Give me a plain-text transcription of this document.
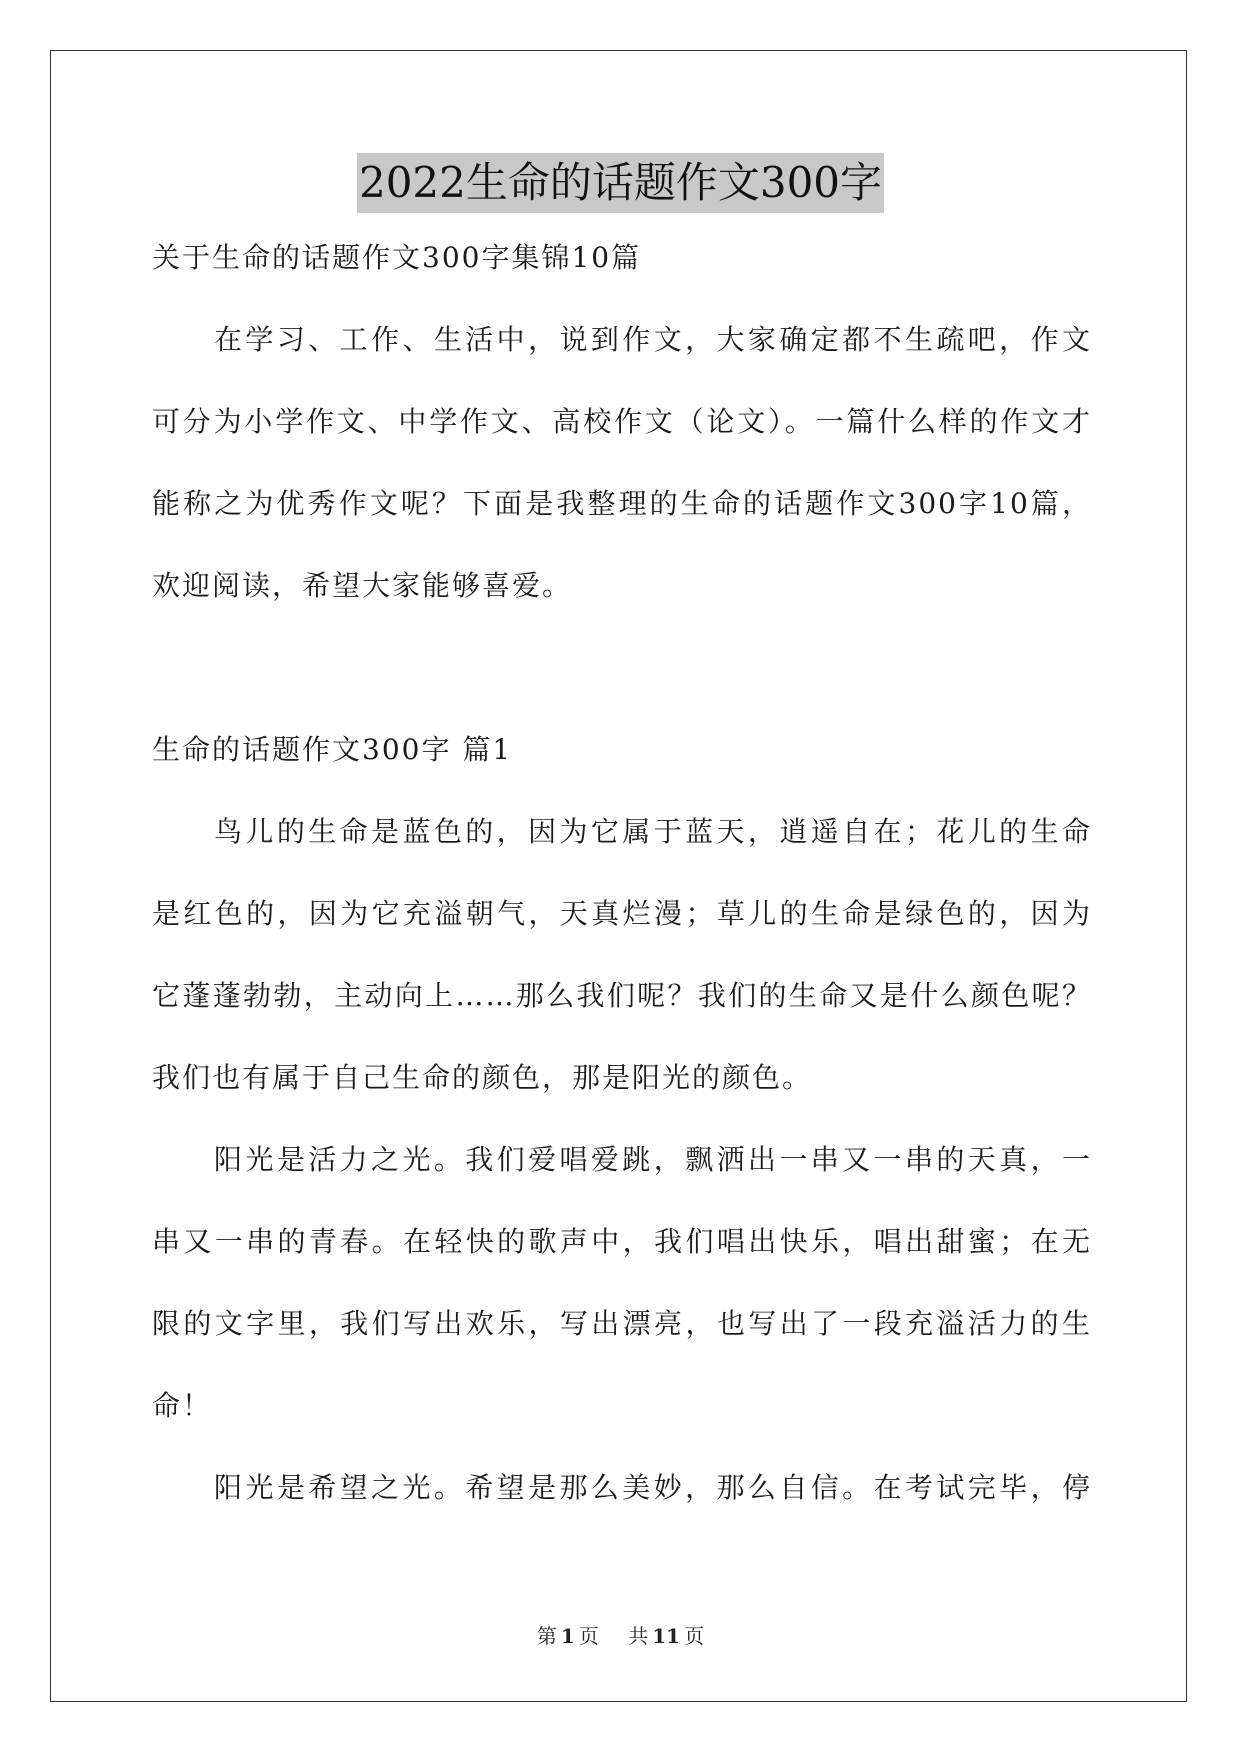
2022生命的话题作文300字
关于生命的话题作文300字集锦10篇
在学习、工作、生活中，说到作文，大家确定都不生疏吧，作文
可分为小学作文、中学作文、高校作文（论文）。一篇什么样的作文才
能称之为优秀作文呢？下面是我整理的生命的话题作文300字10篇，
欢迎阅读，希望大家能够喜爱。
生命的话题作文300字 篇1
鸟儿的生命是蓝色的，因为它属于蓝天，逍遥自在；花儿的生命
是红色的，因为它充溢朝气，天真烂漫；草儿的生命是绿色的，因为
它蓬蓬勃勃，主动向上……那么我们呢？我们的生命又是什么颜色呢？
我们也有属于自己生命的颜色，那是阳光的颜色。
阳光是活力之光。我们爱唱爱跳，飘洒出一串又一串的天真，一
串又一串的青春。在轻快的歌声中，我们唱出快乐，唱出甜蜜；在无
限的文字里，我们写出欢乐，写出漂亮，也写出了一段充溢活力的生
命！
阳光是希望之光。希望是那么美妙，那么自信。在考试完毕，停
第 1 页 共 11 页
